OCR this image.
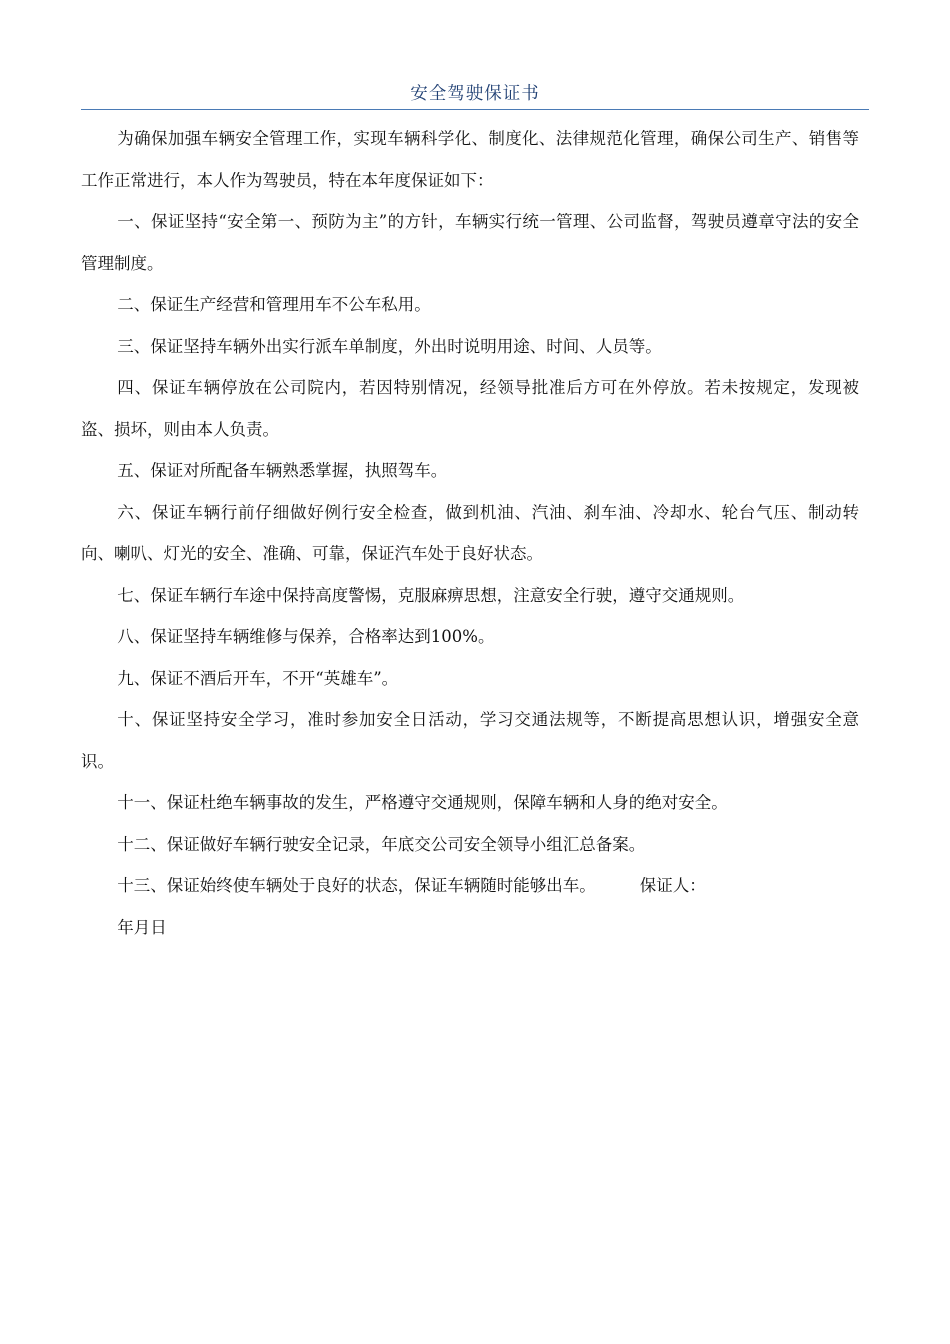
安全驾驶保证书

为确保加强车辆安全管理工作，实现车辆科学化、制度化、法律规范化管理，确保公司生产、销售等工作正常进行，本人作为驾驶员，特在本年度保证如下：

一、保证坚持“安全第一、预防为主”的方针，车辆实行统一管理、公司监督，驾驶员遵章守法的安全管理制度。

二、保证生产经营和管理用车不公车私用。

三、保证坚持车辆外出实行派车单制度，外出时说明用途、时间、人员等。

四、保证车辆停放在公司院内，若因特别情况，经领导批准后方可在外停放。若未按规定，发现被盗、损坏，则由本人负责。

五、保证对所配备车辆熟悉掌握，执照驾车。

六、保证车辆行前仔细做好例行安全检查，做到机油、汽油、刹车油、冷却水、轮台气压、制动转向、喇叭、灯光的安全、准确、可靠，保证汽车处于良好状态。

七、保证车辆行车途中保持高度警惕，克服麻痹思想，注意安全行驶，遵守交通规则。

八、保证坚持车辆维修与保养，合格率达到100%。

九、保证不酒后开车，不开“英雄车”。

十、保证坚持安全学习，准时参加安全日活动，学习交通法规等，不断提高思想认识，增强安全意识。

十一、保证杜绝车辆事故的发生，严格遵守交通规则，保障车辆和人身的绝对安全。

十二、保证做好车辆行驶安全记录，年底交公司安全领导小组汇总备案。

十三、保证始终使车辆处于良好的状态，保证车辆随时能够出车。	保证人：

年月日
